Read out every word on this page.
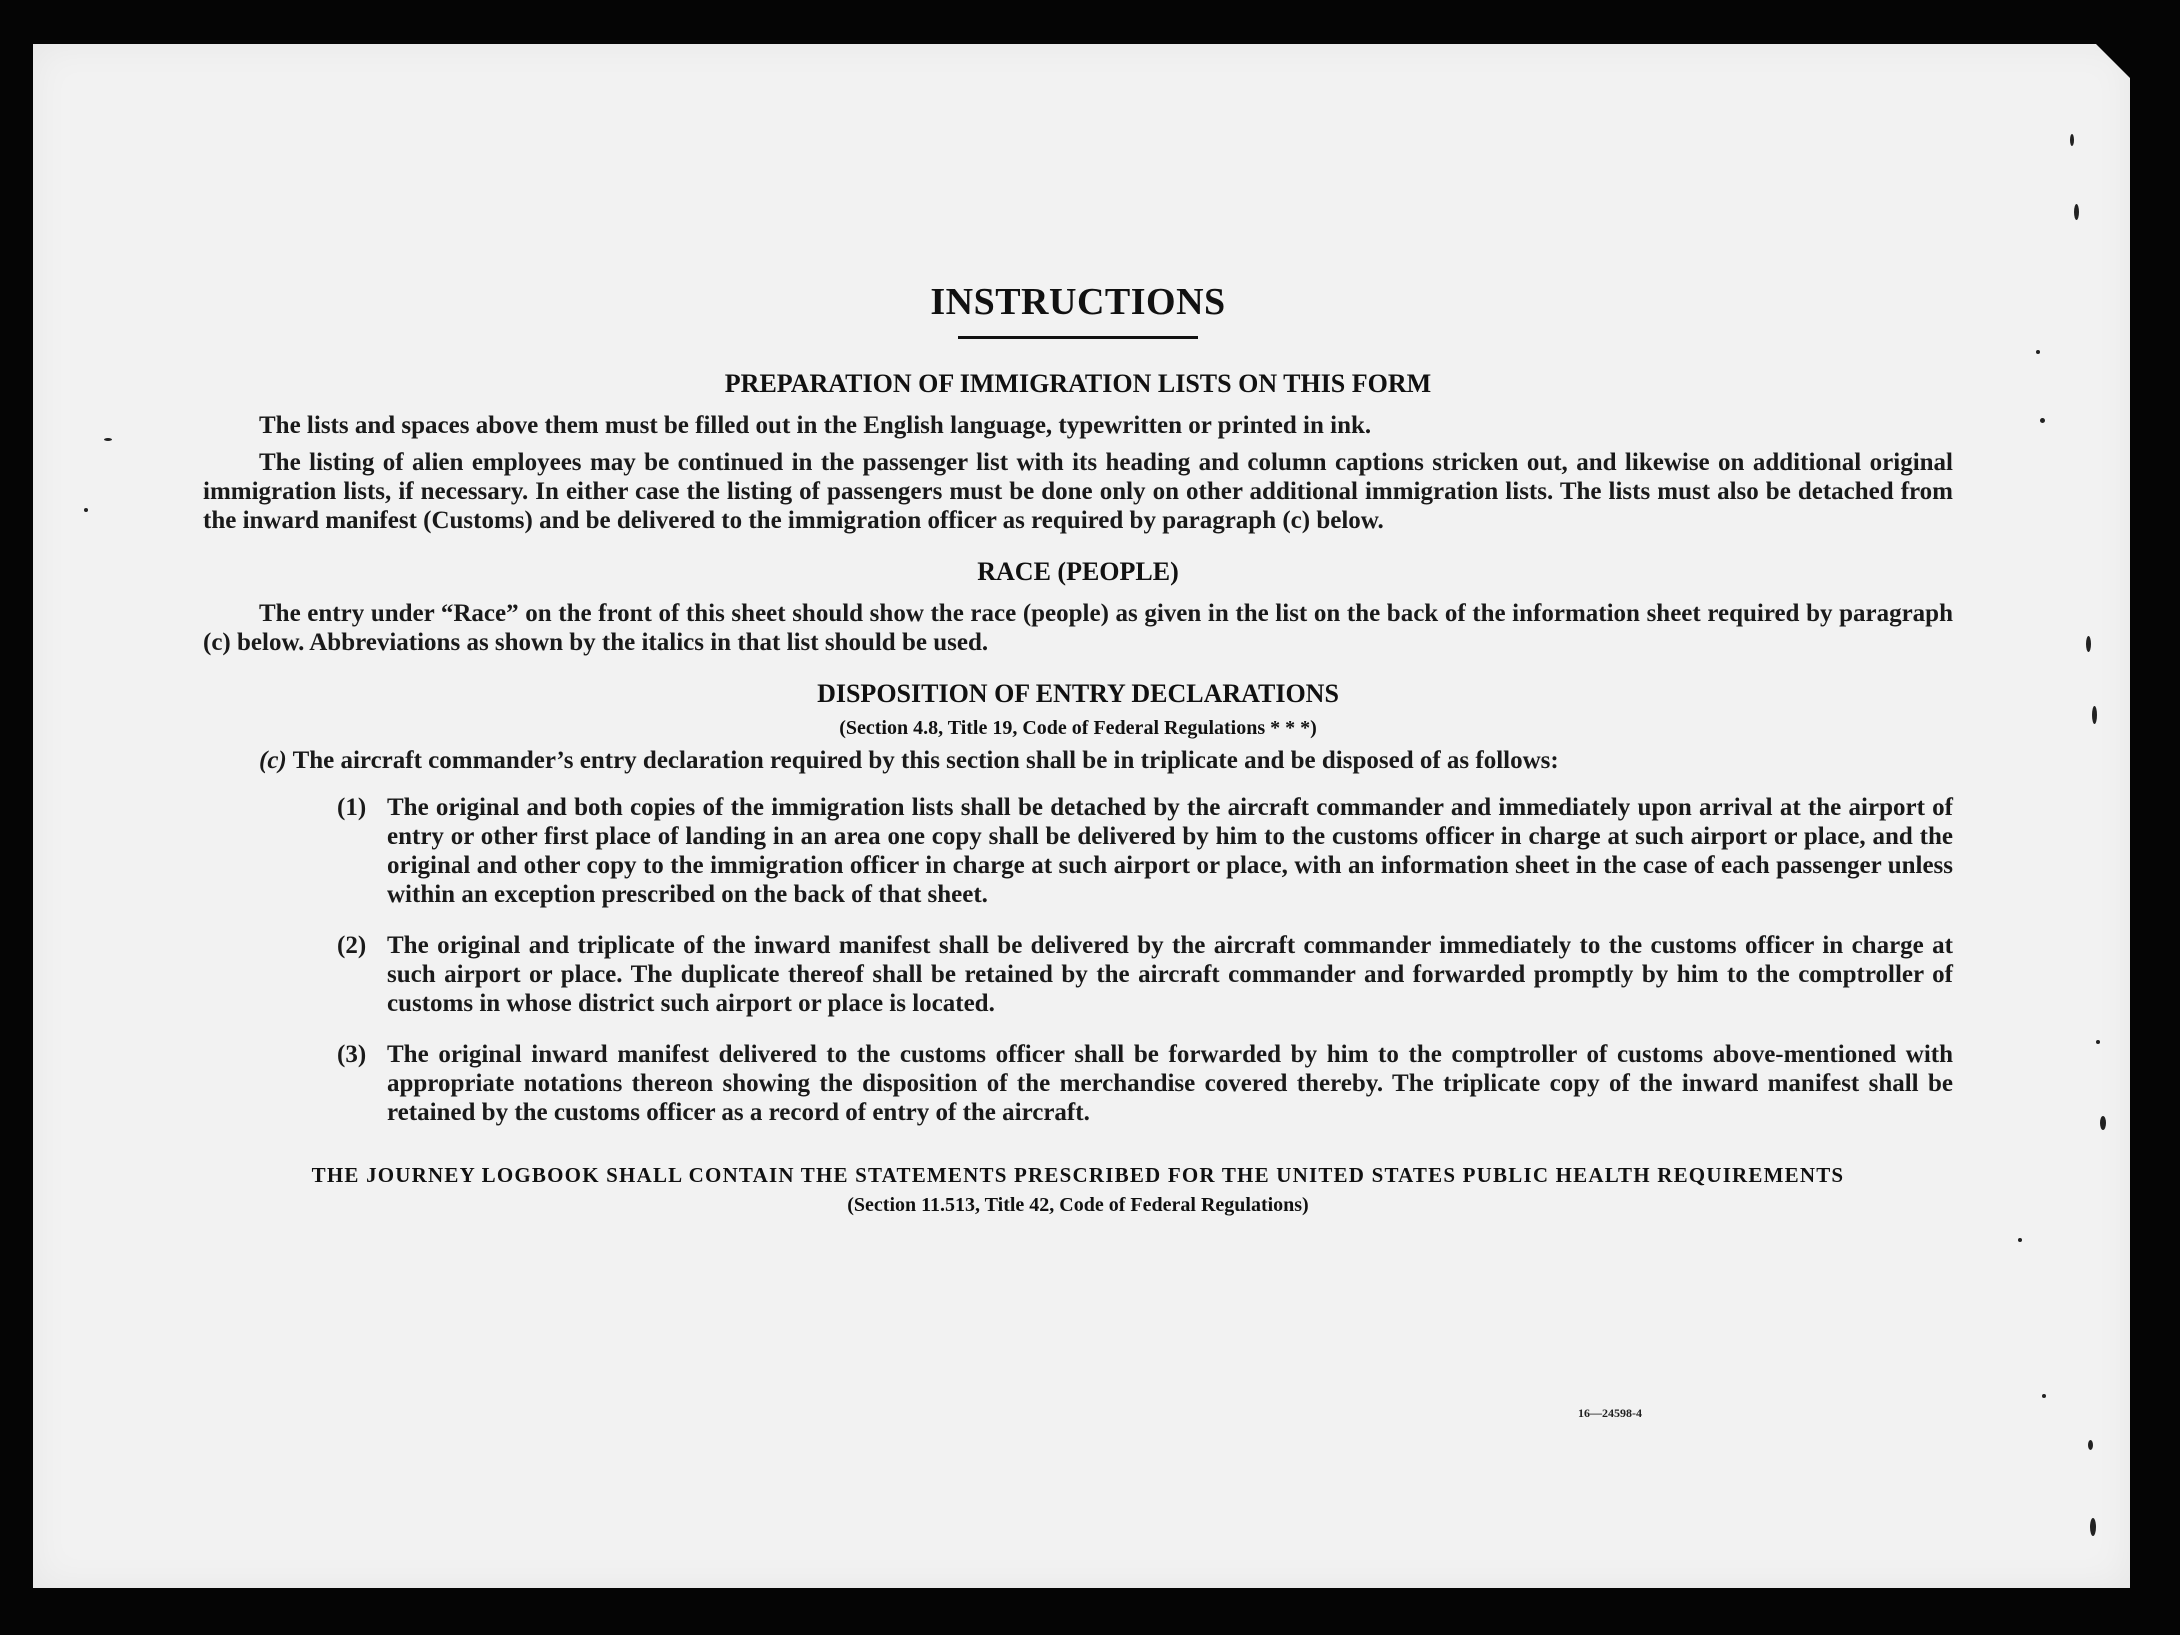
INSTRUCTIONS
PREPARATION OF IMMIGRATION LISTS ON THIS FORM

The lists and spaces above them must be filled out in the English language, typewritten or printed in ink.

The listing of alien employees may be continued in the passenger list with its heading and column captions stricken out, and likewise on additional original immigration lists, if necessary. In either case the listing of passengers must be done only on other additional immigration lists. The lists must also be detached from the inward manifest (Customs) and be delivered to the immigration officer as required by paragraph (c) below.

RACE (PEOPLE)

The entry under “Race” on the front of this sheet should show the race (people) as given in the list on the back of the information sheet required by paragraph (c) below. Abbreviations as shown by the italics in that list should be used.

DISPOSITION OF ENTRY DECLARATIONS

(Section 4.8, Title 19, Code of Federal Regulations * * *)

(c) The aircraft commander’s entry declaration required by this section shall be in triplicate and be disposed of as follows:

(1) The original and both copies of the immigration lists shall be detached by the aircraft commander and immediately upon arrival at the airport of entry or other first place of landing in an area one copy shall be delivered by him to the customs officer in charge at such airport or place, and the original and other copy to the immigration officer in charge at such airport or place, with an information sheet in the case of each passenger unless within an exception prescribed on the back of that sheet.

(2) The original and triplicate of the inward manifest shall be delivered by the aircraft commander immediately to the customs officer in charge at such airport or place. The duplicate thereof shall be retained by the aircraft commander and forwarded promptly by him to the comptroller of customs in whose district such airport or place is located.

(3) The original inward manifest delivered to the customs officer shall be forwarded by him to the comptroller of customs above-mentioned with appropriate notations thereon showing the disposition of the merchandise covered thereby. The triplicate copy of the inward manifest shall be retained by the customs officer as a record of entry of the aircraft.

THE JOURNEY LOGBOOK SHALL CONTAIN THE STATEMENTS PRESCRIBED FOR THE UNITED STATES PUBLIC HEALTH REQUIREMENTS

(Section 11.513, Title 42, Code of Federal Regulations)

16—24598-4
